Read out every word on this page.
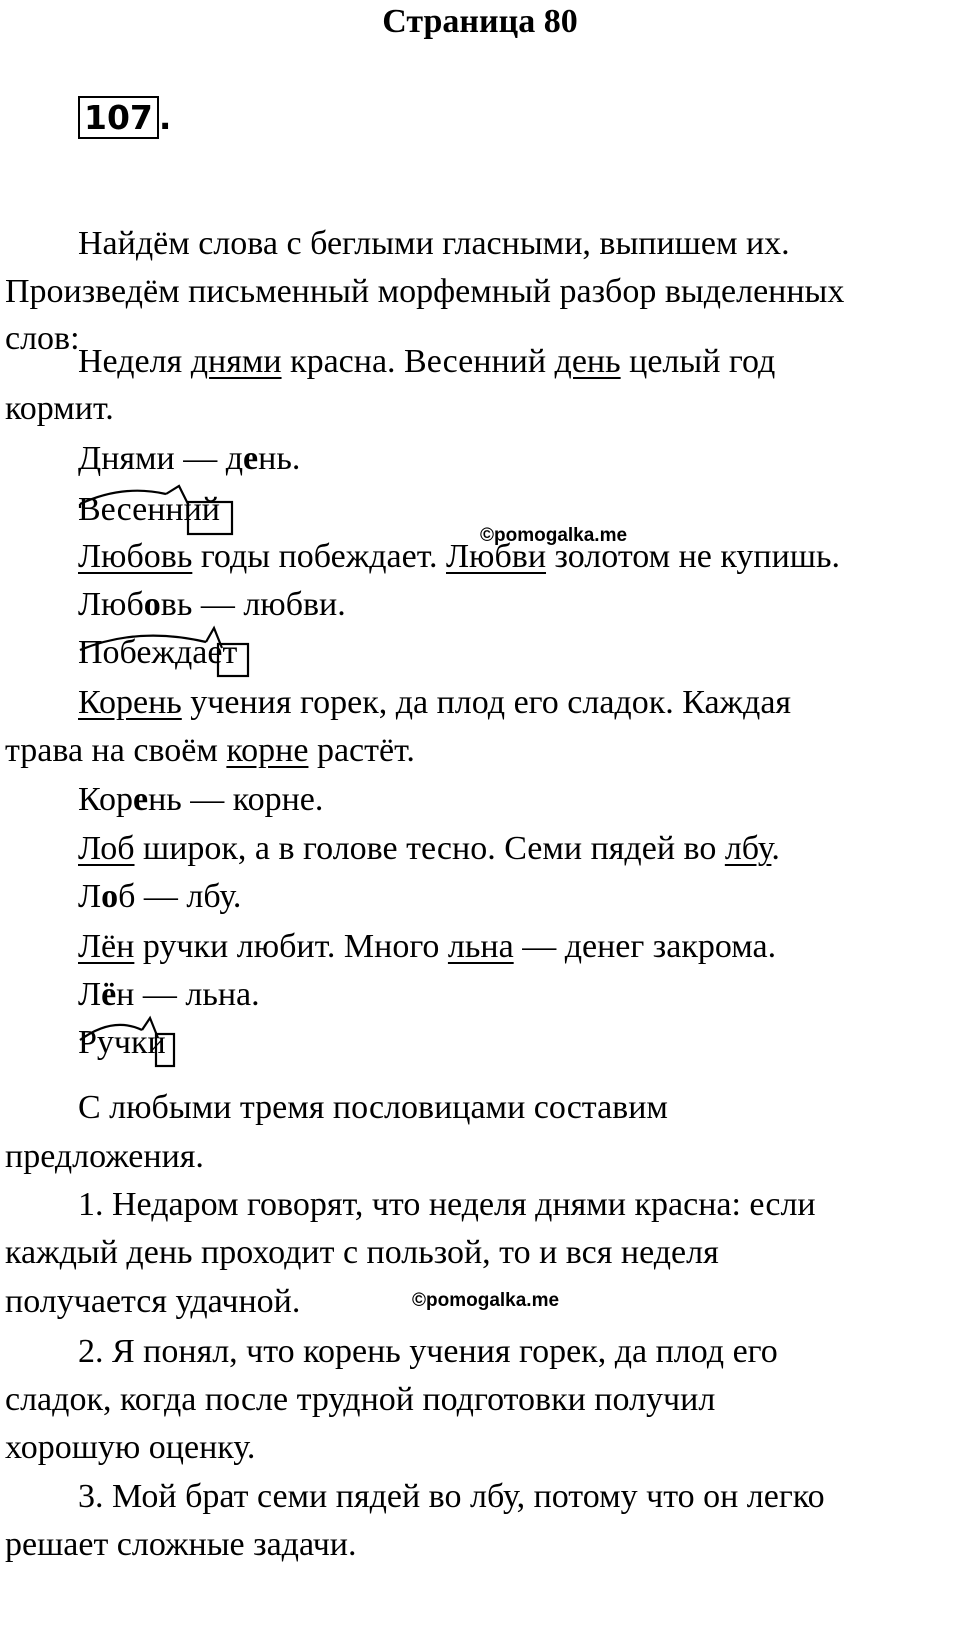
Страница 80
107 .
Найдём слова с беглыми гласными, выпишем их.
Произведём письменный морфемный разбор выделенных
слов:
Неделя днями красна. Весенний день целый год
кормит.
Днями — день.
Весенний
©pomogalka.me
Любовь годы побеждает. Любви золотом не купишь.
Любовь — любви.
Побеждает
Корень учения горек, да плод его сладок. Каждая
трава на своём корне растёт.
Корень — корне.
Лоб широк, а в голове тесно. Семи пядей во лбу.
Лоб — лбу.
Лён ручки любит. Много льна — денег закрома.
Лён — льна.
Ручки
С любыми тремя пословицами составим
предложения.
1. Недаром говорят, что неделя днями красна: если
каждый день проходит с пользой, то и вся неделя
получается удачной.	©pomogalka.me
2. Я понял, что корень учения горек, да плод его
сладок, когда после трудной подготовки получил
хорошую оценку.
3. Мой брат семи пядей во лбу, потому что он легко
решает сложные задачи.
